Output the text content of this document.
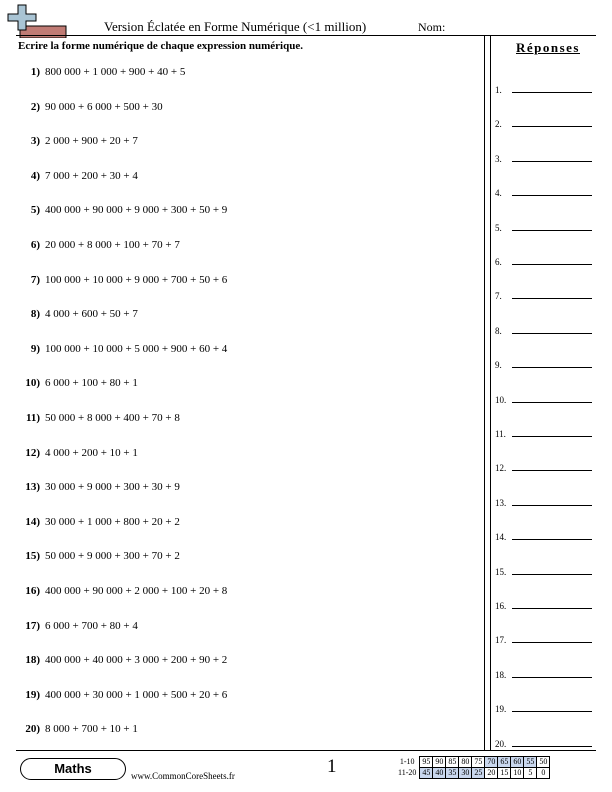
Version Éclatée en Forme Numérique (<1 million)	Nom:
Ecrire la forme numérique de chaque expression numérique.
1) 800 000 + 1 000 + 900 + 40 + 5
2) 90 000 + 6 000 + 500 + 30
3) 2 000 + 900 + 20 + 7
4) 7 000 + 200 + 30 + 4
5) 400 000 + 90 000 + 9 000 + 300 + 50 + 9
6) 20 000 + 8 000 + 100 + 70 + 7
7) 100 000 + 10 000 + 9 000 + 700 + 50 + 6
8) 4 000 + 600 + 50 + 7
9) 100 000 + 10 000 + 5 000 + 900 + 60 + 4
10) 6 000 + 100 + 80 + 1
11) 50 000 + 8 000 + 400 + 70 + 8
12) 4 000 + 200 + 10 + 1
13) 30 000 + 9 000 + 300 + 30 + 9
14) 30 000 + 1 000 + 800 + 20 + 2
15) 50 000 + 9 000 + 300 + 70 + 2
16) 400 000 + 90 000 + 2 000 + 100 + 20 + 8
17) 6 000 + 700 + 80 + 4
18) 400 000 + 40 000 + 3 000 + 200 + 90 + 2
19) 400 000 + 30 000 + 1 000 + 500 + 20 + 6
20) 8 000 + 700 + 10 + 1
Réponses
1.
2.
3.
4.
5.
6.
7.
8.
9.
10.
11.
12.
13.
14.
15.
16.
17.
18.
19.
20.
Maths	www.CommonCoreSheets.fr	1	1-10	95	90	85	80	75	70	65	60	55	50
11-20	45	40	35	30	25	20	15	10	5	0
